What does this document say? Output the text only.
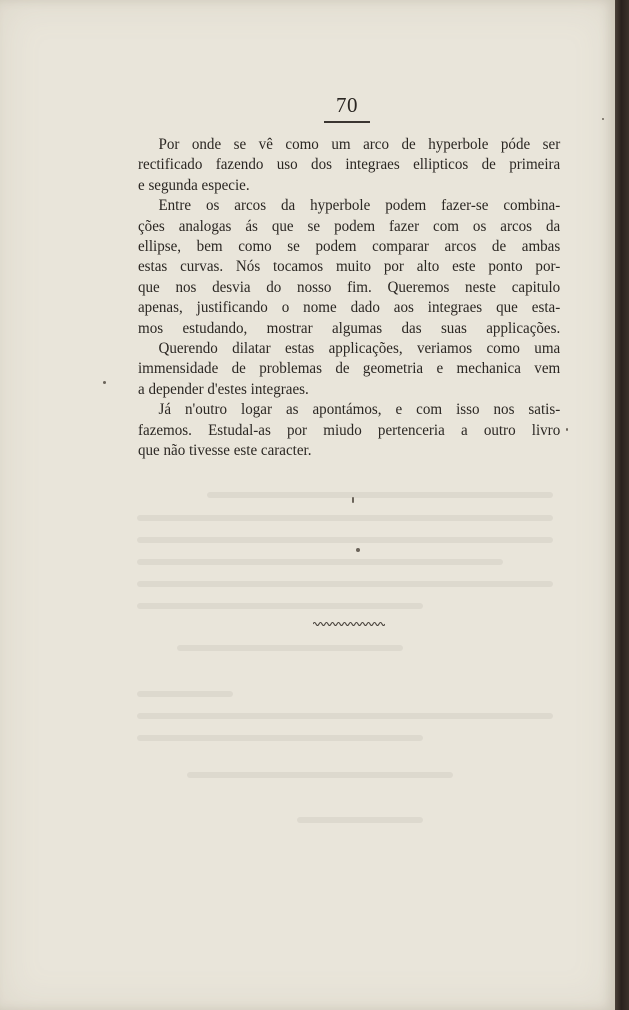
70
Por onde se vê como um arco de hyperbole póde ser
rectificado fazendo uso dos integraes ellipticos de primeira
e segunda especie.
Entre os arcos da hyperbole podem fazer-se combina-
ções analogas ás que se podem fazer com os arcos da
ellipse, bem como se podem comparar arcos de ambas
estas curvas. Nós tocamos muito por alto este ponto por-
que nos desvia do nosso fim. Queremos neste capitulo
apenas, justificando o nome dado aos integraes que esta-
mos estudando, mostrar algumas das suas applicações.
Querendo dilatar estas applicações, veriamos como uma
immensidade de problemas de geometria e mechanica vem
a depender d'estes integraes.
Já n'outro logar as apontámos, e com isso nos satis-
fazemos. Estudal-as por miudo pertenceria a outro livro
que não tivesse este caracter.
